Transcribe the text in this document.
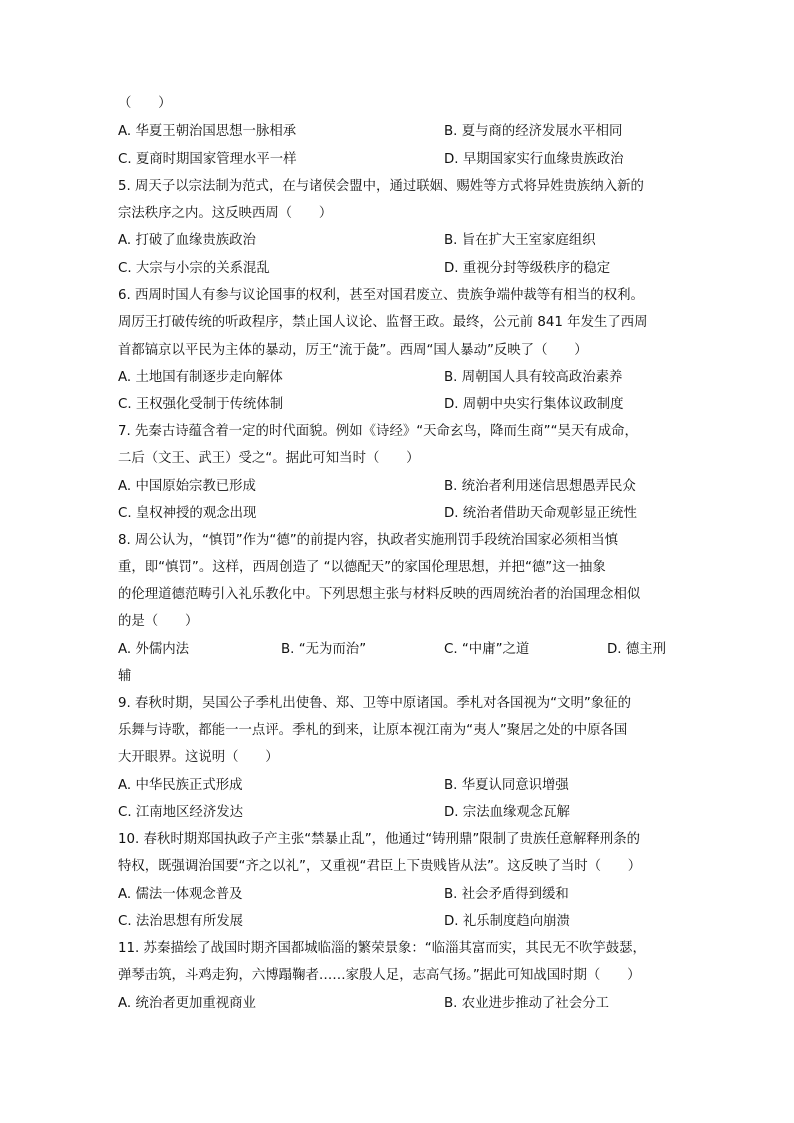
（　　）
A. 华夏王朝治国思想一脉相承	B. 夏与商的经济发展水平相同
C. 夏商时期国家管理水平一样	D. 早期国家实行血缘贵族政治
5. 周天子以宗法制为范式，在与诸侯会盟中，通过联姻、赐姓等方式将异姓贵族纳入新的
宗法秩序之内。这反映西周（　　）
A. 打破了血缘贵族政治	B. 旨在扩大王室家庭组织
C. 大宗与小宗的关系混乱	D. 重视分封等级秩序的稳定
6. 西周时国人有参与议论国事的权利，甚至对国君废立、贵族争端仲裁等有相当的权利。
周厉王打破传统的听政程序，禁止国人议论、监督王政。最终，公元前 841 年发生了西周
首都镐京以平民为主体的暴动，厉王“流于彘”。西周“国人暴动”反映了（　　）
A. 土地国有制逐步走向解体	B. 周朝国人具有较高政治素养
C. 王权强化受制于传统体制	D. 周朝中央实行集体议政制度
7. 先秦古诗蕴含着一定的时代面貌。例如《诗经》“天命玄鸟，降而生商”“昊天有成命，
二后（文王、武王）受之“。据此可知当时（　　）
A. 中国原始宗教已形成	B. 统治者利用迷信思想愚弄民众
C. 皇权神授的观念出现	D. 统治者借助天命观彰显正统性
8. 周公认为，“慎罚”作为“德”的前提内容，执政者实施刑罚手段统治国家必须相当慎
重，即“慎罚”。这样，西周创造了 “以德配天”的家国伦理思想，并把“德”这一抽象
的伦理道德范畴引入礼乐教化中。下列思想主张与材料反映的西周统治者的治国理念相似
的是（　　）
A. 外儒内法	B. “无为而治”	C. “中庸”之道	D. 德主刑
辅
9. 春秋时期，吴国公子季札出使鲁、郑、卫等中原诸国。季札对各国视为“文明”象征的
乐舞与诗歌，都能一一点评。季札的到来，让原本视江南为“夷人”聚居之处的中原各国
大开眼界。这说明（　　）
A. 中华民族正式形成	B. 华夏认同意识增强
C. 江南地区经济发达	D. 宗法血缘观念瓦解
10. 春秋时期郑国执政子产主张“禁暴止乱”，他通过“铸刑鼎”限制了贵族任意解释刑条的
特权，既强调治国要“齐之以礼”，又重视“君臣上下贵贱皆从法”。这反映了当时（　　）
A. 儒法一体观念普及	B. 社会矛盾得到缓和
C. 法治思想有所发展	D. 礼乐制度趋向崩溃
11. 苏秦描绘了战国时期齐国都城临淄的繁荣景象：“临淄其富而实，其民无不吹竽鼓瑟，
弹琴击筑，斗鸡走狗，六博蹋鞠者……家殷人足，志高气扬。”据此可知战国时期（　　）
A. 统治者更加重视商业	B. 农业进步推动了社会分工
